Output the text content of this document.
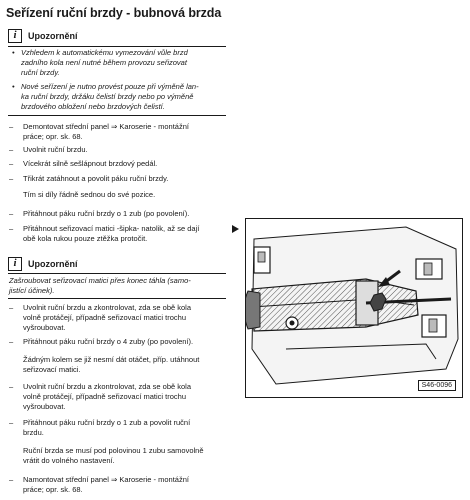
Seřízení ruční brzdy - bubnová brzda
i	Upozornění
• Vzhledem k automatickému vymezování vůle brzd
zadního kola není nutné během provozu seřizovat
ruční brzdy.
• Nové seřízení je nutno provést pouze při výměně lan-
ka ruční brzdy, držáku čelistí brzdy nebo po výměně
brzdového obložení nebo brzdových čelistí.
– Demontovat střední panel ⇒ Karoserie - montážní
práce; opr. sk. 68.
– Uvolnit ruční brzdu.
– Vícekrát silně sešlápnout brzdový pedál.
– Třikrát zatáhnout a povolit páku ruční brzdy.
Tím si díly řádně sednou do své pozice.
– Přitáhnout páku ruční brzdy o 1 zub (po povolení).
– Přitáhnout seřizovací matici -šipka- natolik, až se dají
obě kola rukou pouze ztěžka protočit.
i	Upozornění
Zašroubovat seřizovací matici přes konec táhla (samo-
jistící účinek).
– Uvolnit ruční brzdu a zkontrolovat, zda se obě kola
volně protáčejí, případně seřizovací matici trochu
vyšroubovat.
– Přitáhnout páku ruční brzdy o 4 zuby (po povolení).
Žádným kolem se již nesmí dát otáčet, příp. utáhnout
seřizovací matici.
– Uvolnit ruční brzdu a zkontrolovat, zda se obě kola
volně protáčejí, případně seřizovací matici trochu
vyšroubovat.
– Přitáhnout páku ruční brzdy o 1 zub a povolit ruční
brzdu.
Ruční brzda se musí pod polovinou 1 zubu samovolně
vrátit do volného nastavení.
– Namontovat střední panel ⇒ Karoserie - montážní
práce; opr. sk. 68.
S46-0096
